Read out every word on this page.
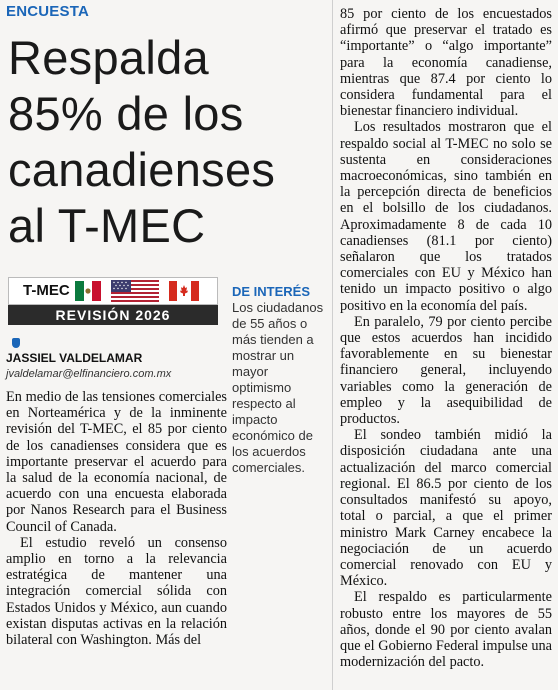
ENCUESTA
Respalda
85% de los
canadienses
al T-MEC
T-MEC
REVISIÓN 2026
JASSIEL VALDELAMAR
jvaldelamar@elfinanciero.com.mx
DE INTERÉS
Los ciudadanos de 55 años o más tienden a mostrar un mayor optimismo respecto al impacto económico de los acuerdos comerciales.

En medio de las tensiones comerciales en Norteamérica y de la inminente revisión del T-MEC, el 85 por ciento de los canadienses considera que es importante preservar el acuerdo para la salud de la economía nacional, de acuerdo con una encuesta elaborada por Nanos Research para el Business Council of Canada.

El estudio reveló un consenso amplio en torno a la relevancia estratégica de mantener una integración comercial sólida con Estados Unidos y México, aun cuando existan disputas activas en la relación bilateral con Washington. Más del

85 por ciento de los encuestados afirmó que preservar el tratado es “importante” o “algo importante” para la economía canadiense, mientras que 87.4 por ciento lo considera fundamental para el bienestar financiero individual.

Los resultados mostraron que el respaldo social al T-MEC no solo se sustenta en consideraciones macroeconómicas, sino también en la percepción directa de beneficios en el bolsillo de los ciudadanos. Aproximadamente 8 de cada 10 canadienses (81.1 por ciento) señalaron que los tratados comerciales con EU y México han tenido un impacto positivo o algo positivo en la economía del país.

En paralelo, 79 por ciento percibe que estos acuerdos han incidido favorablemente en su bienestar financiero general, incluyendo variables como la generación de empleo y la asequibilidad de productos.

El sondeo también midió la disposición ciudadana ante una actualización del marco comercial regional. El 86.5 por ciento de los consultados manifestó su apoyo, total o parcial, a que el primer ministro Mark Carney encabece la negociación de un acuerdo comercial renovado con EU y México.

El respaldo es particularmente robusto entre los mayores de 55 años, donde el 90 por ciento avalan que el Gobierno Federal impulse una modernización del pacto.
